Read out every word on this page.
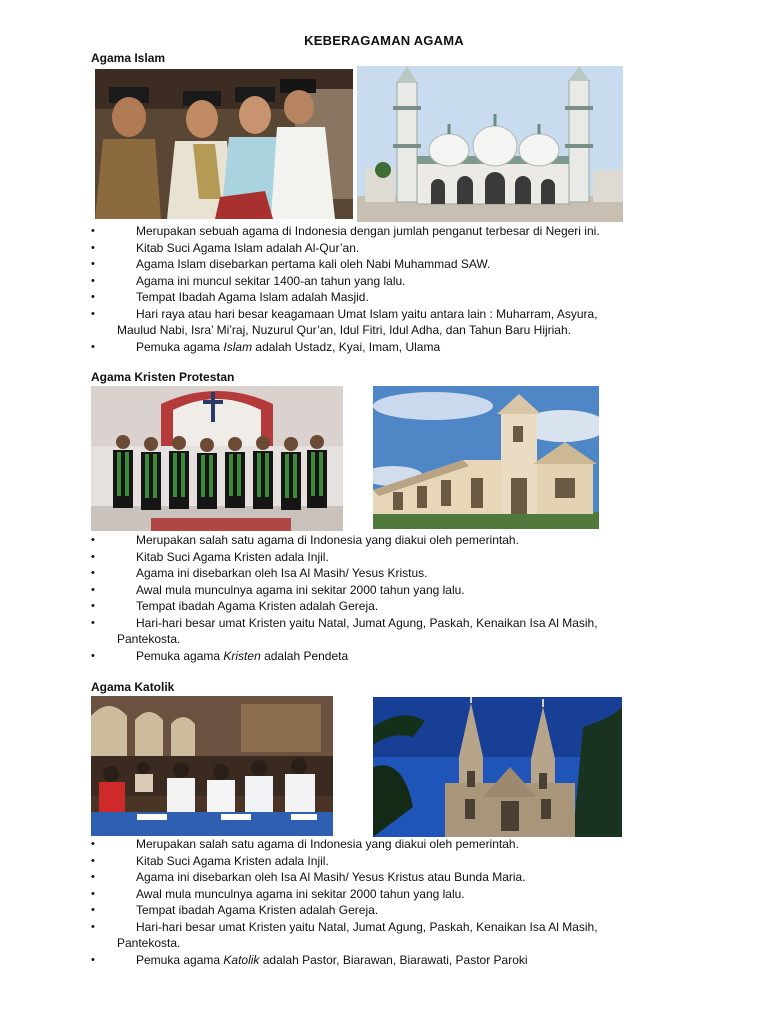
KEBERAGAMAN AGAMA
Agama Islam
•	Merupakan sebuah agama di Indonesia dengan jumlah penganut terbesar di Negeri ini.
•	Kitab Suci Agama Islam adalah Al-Qur’an.
•	Agama Islam disebarkan pertama kali oleh Nabi Muhammad SAW.
•	Agama ini muncul sekitar 1400-an tahun yang lalu.
•	Tempat Ibadah Agama Islam adalah Masjid.
•	Hari raya atau hari besar keagamaan Umat Islam yaitu antara lain : Muharram, Asyura,
Maulud Nabi, Isra’ Mi’raj, Nuzurul Qur’an, Idul Fitri, Idul Adha, dan Tahun Baru Hijriah.
•	Pemuka agama Islam adalah Ustadz, Kyai, Imam, Ulama
Agama Kristen Protestan
•	Merupakan salah satu agama di Indonesia yang diakui oleh pemerintah.
•	Kitab Suci Agama Kristen adala Injil.
•	Agama ini disebarkan oleh Isa Al Masih/ Yesus Kristus.
•	Awal mula munculnya agama ini sekitar 2000 tahun yang lalu.
•	Tempat ibadah Agama Kristen adalah Gereja.
•	Hari-hari besar umat Kristen yaitu Natal, Jumat Agung, Paskah, Kenaikan Isa Al Masih,
Pantekosta.
•	Pemuka agama Kristen adalah Pendeta
Agama Katolik
•	Merupakan salah satu agama di Indonesia yang diakui oleh pemerintah.
•	Kitab Suci Agama Kristen adala Injil.
•	Agama ini disebarkan oleh Isa Al Masih/ Yesus Kristus atau Bunda Maria.
•	Awal mula munculnya agama ini sekitar 2000 tahun yang lalu.
•	Tempat ibadah Agama Kristen adalah Gereja.
•	Hari-hari besar umat Kristen yaitu Natal, Jumat Agung, Paskah, Kenaikan Isa Al Masih,
Pantekosta.
•	Pemuka agama Katolik adalah Pastor, Biarawan, Biarawati, Pastor Paroki
